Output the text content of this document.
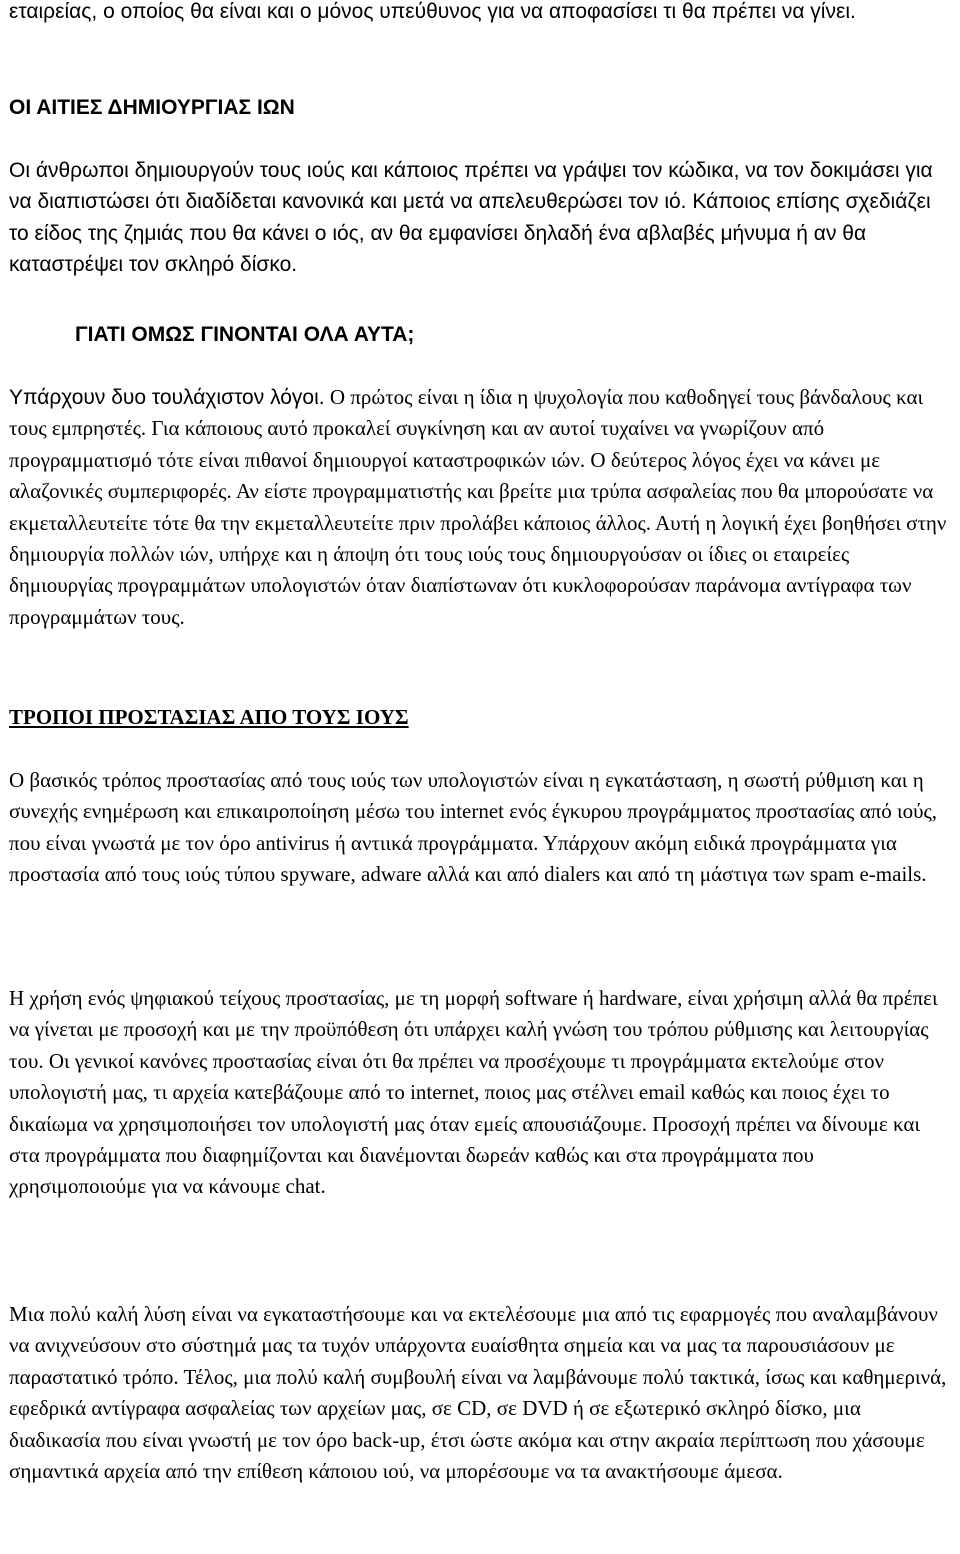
εταιρείας, ο οποίος θα είναι και ο μόνος υπεύθυνος για να αποφασίσει τι θα πρέπει να γίνει.

ΟΙ ΑΙΤΙΕΣ ΔΗΜΙΟΥΡΓΙΑΣ ΙΩΝ

Οι άνθρωποι δημιουργούν τους ιούς και κάποιος πρέπει να γράψει τον κώδικα, να τον δοκιμάσει για να διαπιστώσει ότι διαδίδεται κανονικά και μετά να απελευθερώσει τον ιό. Κάποιος επίσης σχεδιάζει το είδος της ζημιάς που θα κάνει ο ιός, αν θα εμφανίσει δηλαδή ένα αβλαβές μήνυμα ή αν θα καταστρέψει τον σκληρό δίσκο.

ΓΙΑΤΙ ΟΜΩΣ ΓΙΝΟΝΤΑΙ ΟΛΑ ΑΥΤΑ;

Υπάρχουν δυο τουλάχιστον λόγοι. Ο πρώτος είναι η ίδια η ψυχολογία που καθοδηγεί τους βάνδαλους και τους εμπρηστές. Για κάποιους αυτό προκαλεί συγκίνηση και αν αυτοί τυχαίνει να γνωρίζουν από προγραμματισμό τότε είναι πιθανοί δημιουργοί καταστροφικών ιών. Ο δεύτερος λόγος έχει να κάνει με αλαζονικές συμπεριφορές. Αν είστε προγραμματιστής και βρείτε μια τρύπα ασφαλείας που θα μπορούσατε να εκμεταλλευτείτε τότε θα την εκμεταλλευτείτε πριν προλάβει κάποιος άλλος. Αυτή η λογική έχει βοηθήσει στην δημιουργία πολλών ιών, υπήρχε και η άποψη ότι τους ιούς τους δημιουργούσαν οι ίδιες οι εταιρείες δημιουργίας προγραμμάτων υπολογιστών όταν διαπίστωναν ότι κυκλοφορούσαν παράνομα αντίγραφα των προγραμμάτων τους.

ΤΡΟΠΟΙ ΠΡΟΣΤΑΣΙΑΣ ΑΠΟ ΤΟΥΣ ΙΟΥΣ

Ο βασικός τρόπος προστασίας από τους ιούς των υπολογιστών είναι η εγκατάσταση, η σωστή ρύθμιση και η συνεχής ενημέρωση και επικαιροποίηση μέσω του internet ενός έγκυρου προγράμματος προστασίας από ιούς, που είναι γνωστά με τον όρο antivirus ή αντιικά προγράμματα. Υπάρχουν ακόμη ειδικά προγράμματα για προστασία από τους ιούς τύπου spyware, adware αλλά και από dialers και από τη μάστιγα των spam e-mails.

Η χρήση ενός ψηφιακού τείχους προστασίας, με τη μορφή software ή hardware, είναι χρήσιμη αλλά θα πρέπει να γίνεται με προσοχή και με την προϋπόθεση ότι υπάρχει καλή γνώση του τρόπου ρύθμισης και λειτουργίας του. Οι γενικοί κανόνες προστασίας είναι ότι θα πρέπει να προσέχουμε τι προγράμματα εκτελούμε στον υπολογιστή μας, τι αρχεία κατεβάζουμε από το internet, ποιος μας στέλνει email καθώς και ποιος έχει το δικαίωμα να χρησιμοποιήσει τον υπολογιστή μας όταν εμείς απουσιάζουμε. Προσοχή πρέπει να δίνουμε και στα προγράμματα που διαφημίζονται και διανέμονται δωρεάν καθώς και στα προγράμματα που χρησιμοποιούμε για να κάνουμε chat.

Μια πολύ καλή λύση είναι να εγκαταστήσουμε και να εκτελέσουμε μια από τις εφαρμογές που αναλαμβάνουν να ανιχνεύσουν στο σύστημά μας τα τυχόν υπάρχοντα ευαίσθητα σημεία και να μας τα παρουσιάσουν με παραστατικό τρόπο. Τέλος, μια πολύ καλή συμβουλή είναι να λαμβάνουμε πολύ τακτικά, ίσως και καθημερινά, εφεδρικά αντίγραφα ασφαλείας των αρχείων μας, σε CD, σε DVD ή σε εξωτερικό σκληρό δίσκο, μια διαδικασία που είναι γνωστή με τον όρο back-up, έτσι ώστε ακόμα και στην ακραία περίπτωση που χάσουμε σημαντικά αρχεία από την επίθεση κάποιου ιού, να μπορέσουμε να τα ανακτήσουμε άμεσα.
